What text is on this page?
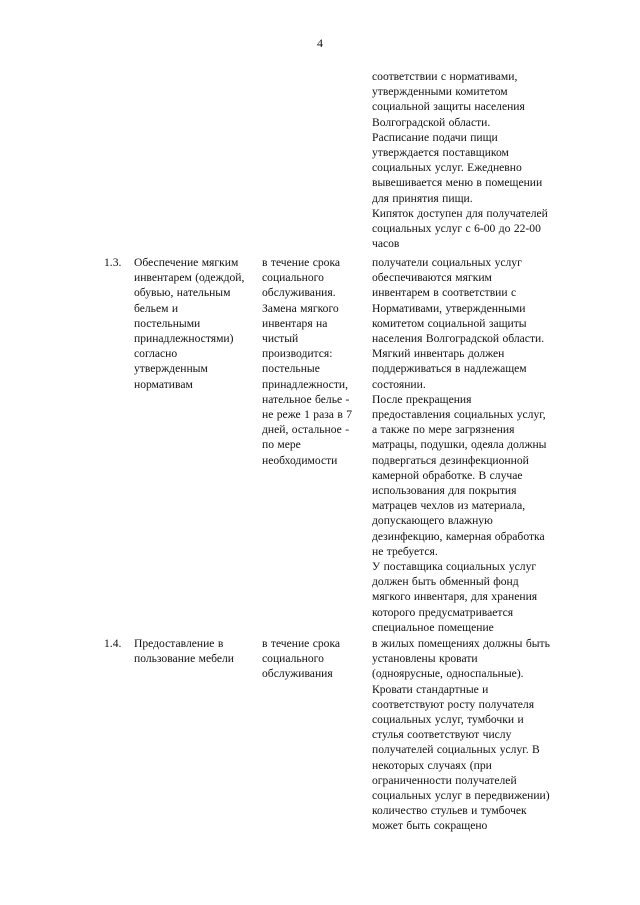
4

соответствии с нормативами,
утвержденными комитетом
социальной защиты населения
Волгоградской области.
Расписание подачи пищи
утверждается поставщиком
социальных услуг. Ежедневно
вывешивается меню в помещении
для принятия пищи.
Кипяток доступен для получателей
социальных услуг с 6-00 до 22-00
часов

1.3. Обеспечение мягким
инвентарем (одеждой,
обувью, нательным
бельем и
постельными
принадлежностями)
согласно
утвержденным
нормативам

в течение срока
социального
обслуживания.
Замена мягкого
инвентаря на
чистый
производится:
постельные
принадлежности,
нательное белье -
не реже 1 раза в 7
дней, остальное -
по мере
необходимости

получатели социальных услуг
обеспечиваются мягким
инвентарем в соответствии с
Нормативами, утвержденными
комитетом социальной защиты
населения Волгоградской области.
Мягкий инвентарь должен
поддерживаться в надлежащем
состоянии.
После прекращения
предоставления социальных услуг,
а также по мере загрязнения
матрацы, подушки, одеяла должны
подвергаться дезинфекционной
камерной обработке. В случае
использования для покрытия
матрацев чехлов из материала,
допускающего влажную
дезинфекцию, камерная обработка
не требуется.
У поставщика социальных услуг
должен быть обменный фонд
мягкого инвентаря, для хранения
которого предусматривается
специальное помещение

1.4. Предоставление в
пользование мебели

в течение срока
социального
обслуживания

в жилых помещениях должны быть
установлены кровати
(одноярусные, односпальные).
Кровати стандартные и
соответствуют росту получателя
социальных услуг, тумбочки и
стулья соответствуют числу
получателей социальных услуг. В
некоторых случаях (при
ограниченности получателей
социальных услуг в передвижении)
количество стульев и тумбочек
может быть сокращено
